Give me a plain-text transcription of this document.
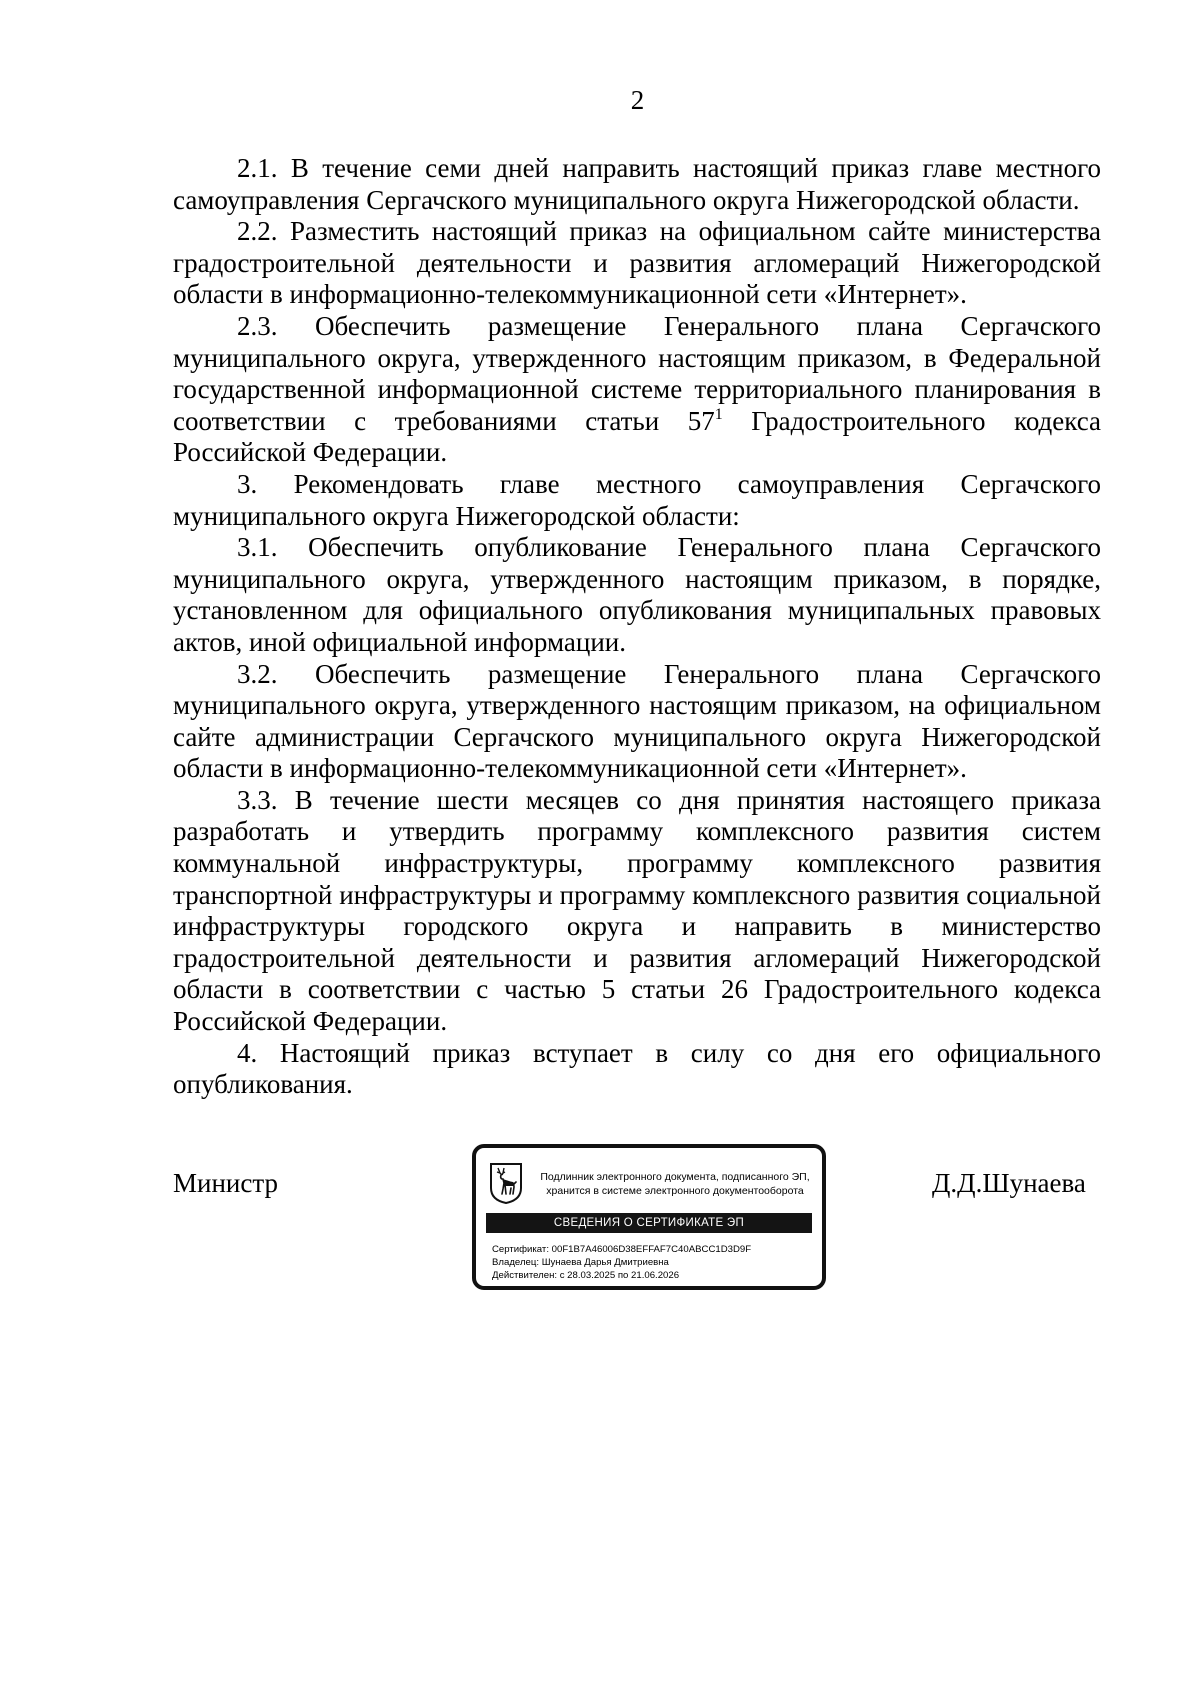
2

2.1. В течение семи дней направить настоящий приказ главе местного самоуправления Сергачского муниципального округа Нижегородской области.

2.2. Разместить настоящий приказ на официальном сайте министерства градостроительной деятельности и развития агломераций Нижегородской области в информационно-телекоммуникационной сети «Интернет».

2.3. Обеспечить размещение Генерального плана Сергачского муниципального округа, утвержденного настоящим приказом, в Федеральной государственной информационной системе территориального планирования в соответствии с требованиями статьи $57^1$ Градостроительного кодекса Российской Федерации.

3. Рекомендовать главе местного самоуправления Сергачского муниципального округа Нижегородской области:

3.1. Обеспечить опубликование Генерального плана Сергачского муниципального округа, утвержденного настоящим приказом, в порядке, установленном для официального опубликования муниципальных правовых актов, иной официальной информации.

3.2. Обеспечить размещение Генерального плана Сергачского муниципального округа, утвержденного настоящим приказом, на официальном сайте администрации Сергачского муниципального округа Нижегородской области в информационно-телекоммуникационной сети «Интернет».

3.3. В течение шести месяцев со дня принятия настоящего приказа разработать и утвердить программу комплексного развития систем коммунальной инфраструктуры, программу комплексного развития транспортной инфраструктуры и программу комплексного развития социальной инфраструктуры городского округа и направить в министерство градостроительной деятельности и развития агломераций Нижегородской области в соответствии с частью 5 статьи 26 Градостроительного кодекса Российской Федерации.

4. Настоящий приказ вступает в силу со дня его официального опубликования.

Министр	Д.Д.Шунаева
Подлинник электронного документа, подписанного ЭП,
хранится в системе электронного документооборота
СВЕДЕНИЯ О СЕРТИФИКАТЕ ЭП
Сертификат: 00F1B7A46006D38EFFAF7C40ABCC1D3D9F
Владелец: Шунаева Дарья Дмитриевна
Действителен: с 28.03.2025 по 21.06.2026
